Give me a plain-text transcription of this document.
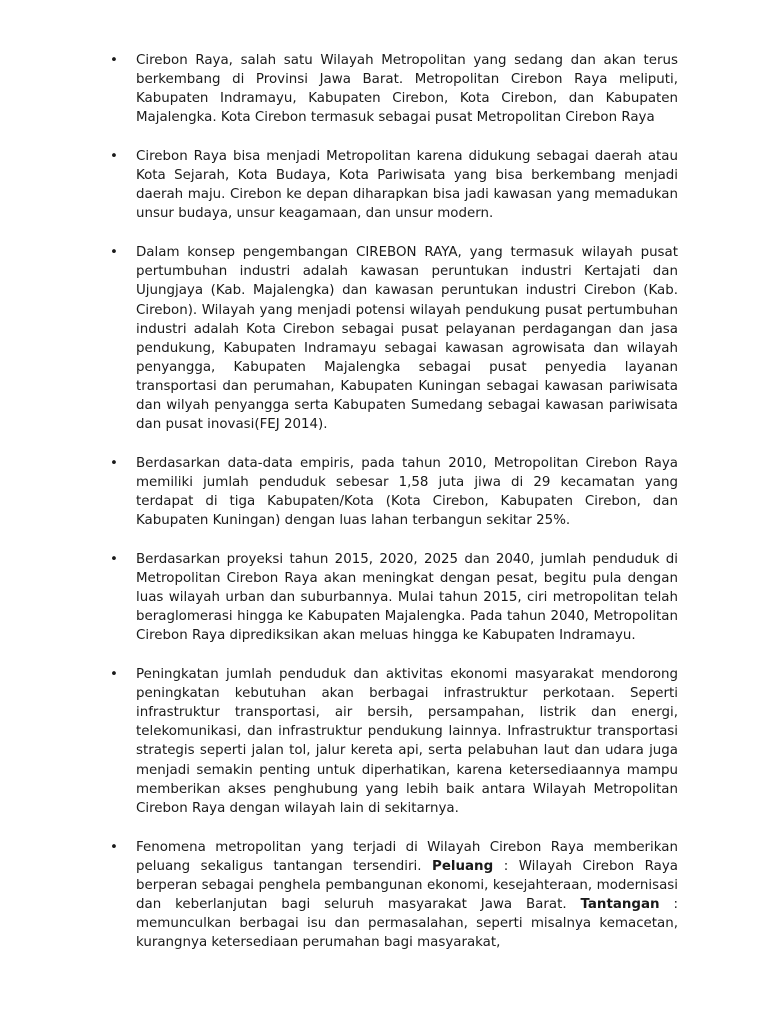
•	Cirebon Raya, salah satu Wilayah Metropolitan yang sedang dan akan terus berkembang di Provinsi Jawa Barat. Metropolitan Cirebon Raya meliputi, Kabupaten Indramayu, Kabupaten Cirebon, Kota Cirebon, dan Kabupaten Majalengka. Kota Cirebon termasuk sebagai pusat Metropolitan Cirebon Raya
•	Cirebon Raya bisa menjadi Metropolitan karena didukung sebagai daerah atau Kota Sejarah, Kota Budaya, Kota Pariwisata yang bisa berkembang menjadi daerah maju. Cirebon ke depan diharapkan bisa jadi kawasan yang memadukan unsur budaya, unsur keagamaan, dan unsur modern.
•	Dalam konsep pengembangan CIREBON RAYA, yang termasuk wilayah pusat pertumbuhan industri adalah kawasan peruntukan industri Kertajati dan Ujungjaya (Kab. Majalengka) dan kawasan peruntukan industri Cirebon (Kab. Cirebon). Wilayah yang menjadi potensi wilayah pendukung pusat pertumbuhan industri adalah Kota Cirebon sebagai pusat pelayanan perdagangan dan jasa pendukung, Kabupaten Indramayu sebagai kawasan agrowisata dan wilayah penyangga, Kabupaten Majalengka sebagai pusat penyedia layanan transportasi dan perumahan, Kabupaten Kuningan sebagai kawasan pariwisata dan wilyah penyangga serta Kabupaten Sumedang sebagai kawasan pariwisata dan pusat inovasi(FEJ 2014).
•	Berdasarkan data-data empiris, pada tahun 2010, Metropolitan Cirebon Raya memiliki jumlah penduduk sebesar 1,58 juta jiwa di 29 kecamatan yang terdapat di tiga Kabupaten/Kota (Kota Cirebon, Kabupaten Cirebon, dan Kabupaten Kuningan) dengan luas lahan terbangun sekitar 25%.
•	Berdasarkan proyeksi tahun 2015, 2020, 2025 dan 2040, jumlah penduduk di Metropolitan Cirebon Raya akan meningkat dengan pesat, begitu pula dengan luas wilayah urban dan suburbannya. Mulai tahun 2015, ciri metropolitan telah beraglomerasi hingga ke Kabupaten Majalengka. Pada tahun 2040, Metropolitan Cirebon Raya diprediksikan akan meluas hingga ke Kabupaten Indramayu.
•	Peningkatan jumlah penduduk dan aktivitas ekonomi masyarakat mendorong peningkatan kebutuhan akan berbagai infrastruktur perkotaan. Seperti infrastruktur transportasi, air bersih, persampahan, listrik dan energi, telekomunikasi, dan infrastruktur pendukung lainnya. Infrastruktur transportasi strategis seperti jalan tol, jalur kereta api, serta pelabuhan laut dan udara juga menjadi semakin penting untuk diperhatikan, karena ketersediaannya mampu memberikan akses penghubung yang lebih baik antara Wilayah Metropolitan Cirebon Raya dengan wilayah lain di sekitarnya.
•	Fenomena metropolitan yang terjadi di Wilayah Cirebon Raya memberikan peluang sekaligus tantangan tersendiri. Peluang : Wilayah Cirebon Raya berperan sebagai penghela pembangunan ekonomi, kesejahteraan, modernisasi dan keberlanjutan bagi seluruh masyarakat Jawa Barat. Tantangan : memunculkan berbagai isu dan permasalahan, seperti misalnya kemacetan, kurangnya ketersediaan perumahan bagi masyarakat,
